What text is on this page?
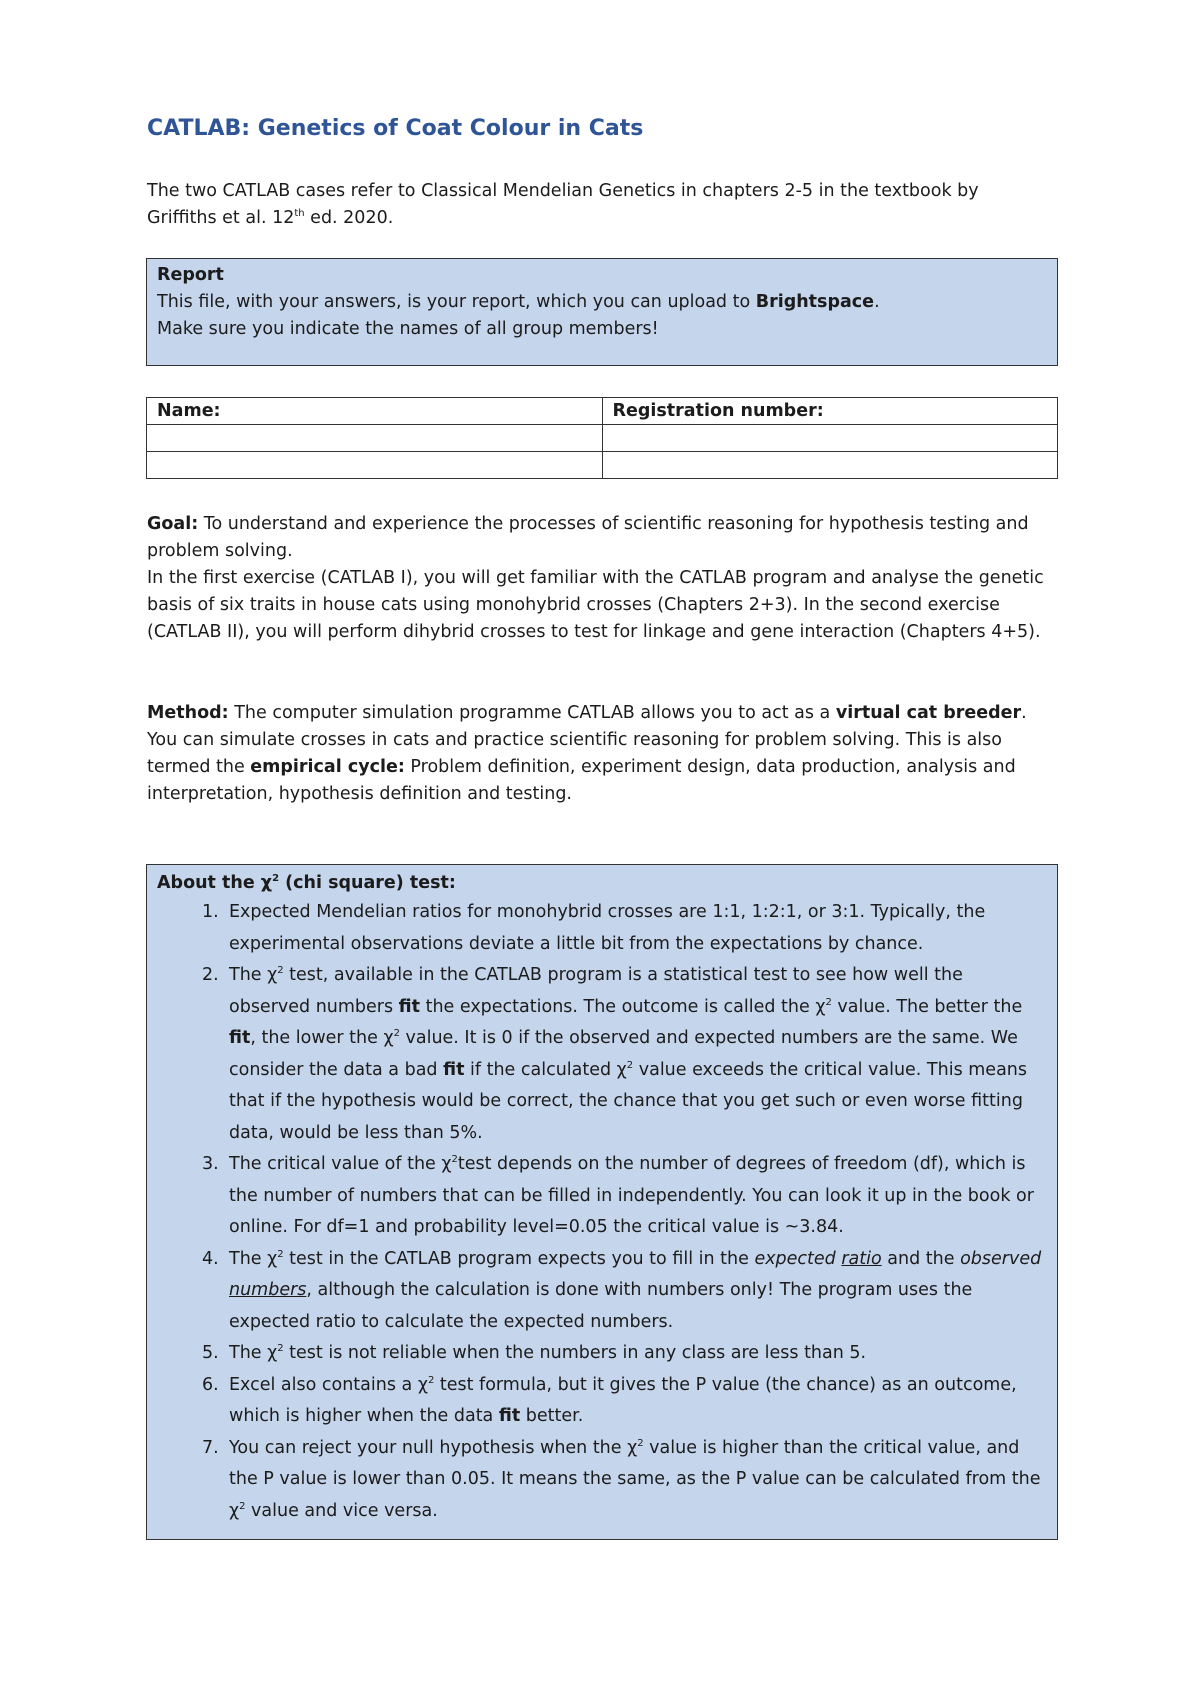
CATLAB: Genetics of Coat Colour in Cats
The two CATLAB cases refer to Classical Mendelian Genetics in chapters 2-5 in the textbook by Griffiths et al. 12th ed. 2020.
Report
This file, with your answers, is your report, which you can upload to Brightspace.
Make sure you indicate the names of all group members!
Name:	Registration number:

Goal: To understand and experience the processes of scientific reasoning for hypothesis testing and problem solving.
In the first exercise (CATLAB I), you will get familiar with the CATLAB program and analyse the genetic basis of six traits in house cats using monohybrid crosses (Chapters 2+3). In the second exercise (CATLAB II), you will perform dihybrid crosses to test for linkage and gene interaction (Chapters 4+5).
Method: The computer simulation programme CATLAB allows you to act as a virtual cat breeder. You can simulate crosses in cats and practice scientific reasoning for problem solving. This is also termed the empirical cycle: Problem definition, experiment design, data production, analysis and interpretation, hypothesis definition and testing.
About the $\chi^2$ (chi square) test:
1. Expected Mendelian ratios for monohybrid crosses are 1:1, 1:2:1, or 3:1. Typically, the experimental observations deviate a little bit from the expectations by chance.
2. The $\chi^2$ test, available in the CATLAB program is a statistical test to see how well the observed numbers fit the expectations. The outcome is called the $\chi^2$ value. The better the fit, the lower the $\chi^2$ value. It is 0 if the observed and expected numbers are the same. We consider the data a bad fit if the calculated $\chi^2$ value exceeds the critical value. This means that if the hypothesis would be correct, the chance that you get such or even worse fitting data, would be less than 5%.
3. The critical value of the $\chi^2test$ depends on the number of degrees of freedom (df), which is the number of numbers that can be filled in independently. You can look it up in the book or online. For df=1 and probability level=0.05 the critical value is ~3.84.
4. The $\chi^2$ test in the CATLAB program expects you to fill in the expected ratio and the observed numbers, although the calculation is done with numbers only! The program uses the expected ratio to calculate the expected numbers.
5. The $\chi^2$ test is not reliable when the numbers in any class are less than 5.
6. Excel also contains a $\chi^2$ test formula, but it gives the P value (the chance) as an outcome, which is higher when the data fit better.
7. You can reject your null hypothesis when the $\chi^2$ value is higher than the critical value, and the P value is lower than 0.05. It means the same, as the P value can be calculated from the $\chi^2$ value and vice versa.
